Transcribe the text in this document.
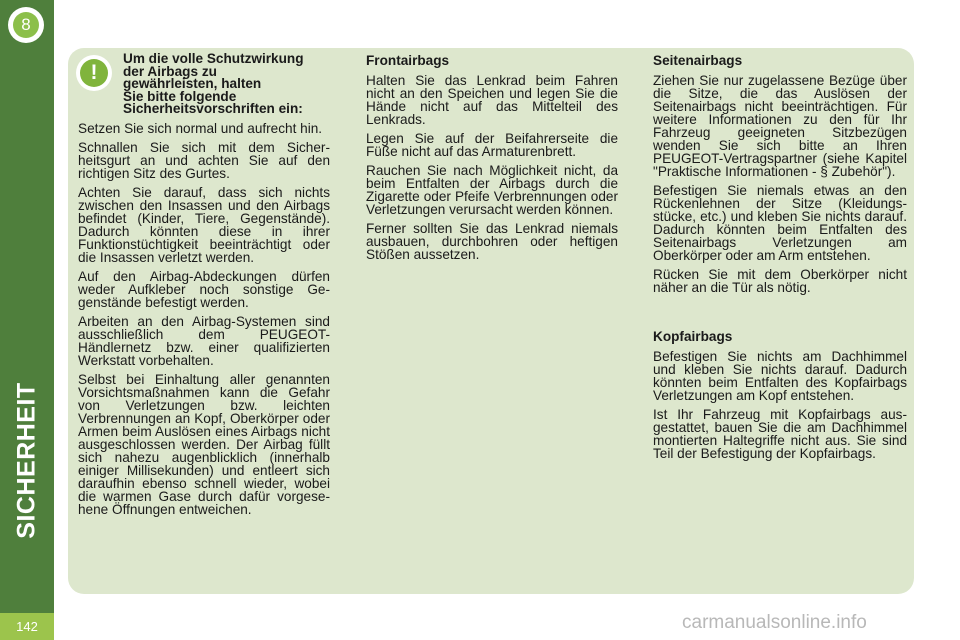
8
SICHERHEIT
142
!
Um die volle Schutzwirkung
der Airbags zu
gewährleisten, halten
Sie bitte folgende
Sicherheitsvorschriften ein:

Setzen Sie sich normal und aufrecht hin.

Schnallen Sie sich mit dem Sicherheitsgurt an und achten Sie auf den richtigen Sitz des Gurtes.

Achten Sie darauf, dass sich nichts zwischen den Insassen und den Airbags befindet (Kinder, Tiere, Gegenstände). Dadurch könnten diese in ihrer Funktionstüchtigkeit beeinträchtigt oder die Insassen verletzt werden.

Auf den Airbag-Abdeckungen dürfen weder Aufkleber noch sonstige Gegenstände befestigt werden.

Arbeiten an den Airbag-Systemen sind ausschließlich dem PEUGEOT-Händlernetz bzw. einer qualifizierten Werkstatt vorbehalten.

Selbst bei Einhaltung aller genannten Vorsichtsmaßnahmen kann die Gefahr von Verletzungen bzw. leichten Verbrennungen an Kopf, Oberkörper oder Armen beim Auslösen eines Airbags nicht ausgeschlossen werden. Der Airbag füllt sich nahezu augenblicklich (innerhalb einiger Millisekunden) und entleert sich daraufhin ebenso schnell wieder, wobei die warmen Gase durch dafür vorgesehene Öffnungen entweichen.

Frontairbags

Halten Sie das Lenkrad beim Fahren nicht an den Speichen und legen Sie die Hände nicht auf das Mittelteil des Lenkrads.

Legen Sie auf der Beifahrerseite die Füße nicht auf das Armaturenbrett.

Rauchen Sie nach Möglichkeit nicht, da beim Entfalten der Airbags durch die Zigarette oder Pfeife Verbrennungen oder Verletzungen verursacht werden können.

Ferner sollten Sie das Lenkrad niemals ausbauen, durchbohren oder heftigen Stößen aussetzen.

Seitenairbags

Ziehen Sie nur zugelassene Bezüge über die Sitze, die das Auslösen der Seitenairbags nicht beeinträchtigen. Für weitere Informationen zu den für Ihr Fahrzeug geeigneten Sitzbezügen wenden Sie sich bitte an Ihren PEUGEOT-Vertragspartner (siehe Kapitel "Praktische Informationen - § Zubehör").

Befestigen Sie niemals etwas an den Rückenlehnen der Sitze (Kleidungsstücke, etc.) und kleben Sie nichts darauf. Dadurch könnten beim Entfalten des Seitenairbags Verletzungen am Oberkörper oder am Arm entstehen.

Rücken Sie mit dem Oberkörper nicht näher an die Tür als nötig.

Kopfairbags

Befestigen Sie nichts am Dachhimmel und kleben Sie nichts darauf. Dadurch könnten beim Entfalten des Kopfairbags Verletzungen am Kopf entstehen.

Ist Ihr Fahrzeug mit Kopfairbags ausgestattet, bauen Sie die am Dachhimmel montierten Haltegriffe nicht aus. Sie sind Teil der Befestigung der Kopfairbags.

carmanualsonline.info
